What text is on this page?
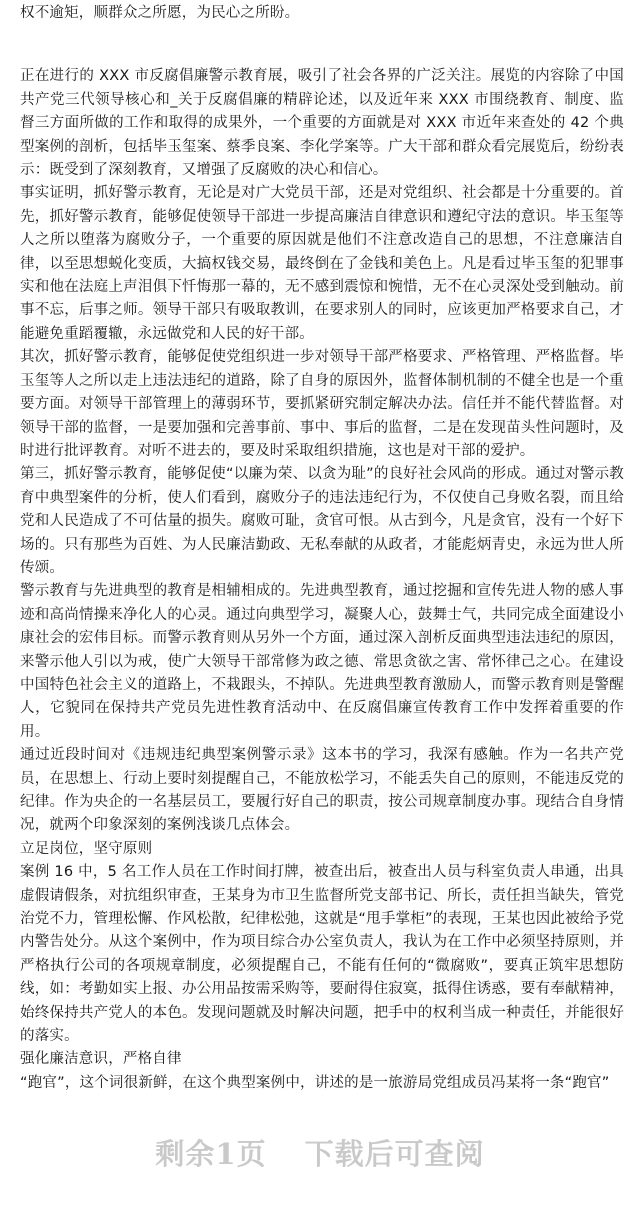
权不逾矩，顺群众之所愿，为民心之所盼。

正在进行的 XXX 市反腐倡廉警示教育展，吸引了社会各界的广泛关注。展览的内容除了中国共产党三代领导核心和_关于反腐倡廉的精辟论述，以及近年来 XXX 市围绕教育、制度、监督三方面所做的工作和取得的成果外，一个重要的方面就是对 XXX 市近年来查处的 42 个典型案例的剖析，包括毕玉玺案、蔡季良案、李化学案等。广大干部和群众看完展览后，纷纷表示：既受到了深刻教育，又增强了反腐败的决心和信心。

事实证明，抓好警示教育，无论是对广大党员干部，还是对党组织、社会都是十分重要的。首先，抓好警示教育，能够促使领导干部进一步提高廉洁自律意识和遵纪守法的意识。毕玉玺等人之所以堕落为腐败分子，一个重要的原因就是他们不注意改造自己的思想，不注意廉洁自律，以至思想蜕化变质，大搞权钱交易，最终倒在了金钱和美色上。凡是看过毕玉玺的犯罪事实和他在法庭上声泪俱下忏悔那一幕的，无不感到震惊和惋惜，无不在心灵深处受到触动。前事不忘，后事之师。领导干部只有吸取教训，在要求别人的同时，应该更加严格要求自己，才能避免重蹈覆辙，永远做党和人民的好干部。

其次，抓好警示教育，能够促使党组织进一步对领导干部严格要求、严格管理、严格监督。毕玉玺等人之所以走上违法违纪的道路，除了自身的原因外，监督体制机制的不健全也是一个重要方面。对领导干部管理上的薄弱环节，要抓紧研究制定解决办法。信任并不能代替监督。对领导干部的监督，一是要加强和完善事前、事中、事后的监督，二是在发现苗头性问题时，及时进行批评教育。对听不进去的，要及时采取组织措施，这也是对干部的爱护。

第三，抓好警示教育，能够促使“以廉为荣、以贪为耻”的良好社会风尚的形成。通过对警示教育中典型案件的分析，使人们看到，腐败分子的违法违纪行为，不仅使自己身败名裂，而且给党和人民造成了不可估量的损失。腐败可耻，贪官可恨。从古到今，凡是贪官，没有一个好下场的。只有那些为百姓、为人民廉洁勤政、无私奉献的从政者，才能彪炳青史，永远为世人所传颂。

警示教育与先进典型的教育是相辅相成的。先进典型教育，通过挖掘和宣传先进人物的感人事迹和高尚情操来净化人的心灵。通过向典型学习，凝聚人心，鼓舞士气，共同完成全面建设小康社会的宏伟目标。而警示教育则从另外一个方面，通过深入剖析反面典型违法违纪的原因，来警示他人引以为戒，使广大领导干部常修为政之德、常思贪欲之害、常怀律己之心。在建设中国特色社会主义的道路上，不栽跟头，不掉队。先进典型教育激励人，而警示教育则是警醒人，它貌同在保持共产党员先进性教育活动中、在反腐倡廉宣传教育工作中发挥着重要的作用。

通过近段时间对《违规违纪典型案例警示录》这本书的学习，我深有感触。作为一名共产党员，在思想上、行动上要时刻提醒自己，不能放松学习，不能丢失自己的原则，不能违反党的纪律。作为央企的一名基层员工，要履行好自己的职责，按公司规章制度办事。现结合自身情况，就两个印象深刻的案例浅谈几点体会。

立足岗位，坚守原则

案例 16 中，5 名工作人员在工作时间打牌，被查出后，被查出人员与科室负责人串通，出具虚假请假条，对抗组织审查，王某身为市卫生监督所党支部书记、所长，责任担当缺失，管党治党不力，管理松懈、作风松散，纪律松弛，这就是“甩手掌柜”的表现，王某也因此被给予党内警告处分。从这个案例中，作为项目综合办公室负责人，我认为在工作中必须坚持原则，并严格执行公司的各项规章制度，必须提醒自己，不能有任何的“微腐败”，要真正筑牢思想防线，如：考勤如实上报、办公用品按需采购等，要耐得住寂寞，抵得住诱惑，要有奉献精神，始终保持共产党人的本色。发现问题就及时解决问题，把手中的权利当成一种责任，并能很好的落实。

强化廉洁意识，严格自律

“跑官”，这个词很新鲜，在这个典型案例中，讲述的是一旅游局党组成员冯某将一条“跑官”

剩余1页 下载后可查阅
